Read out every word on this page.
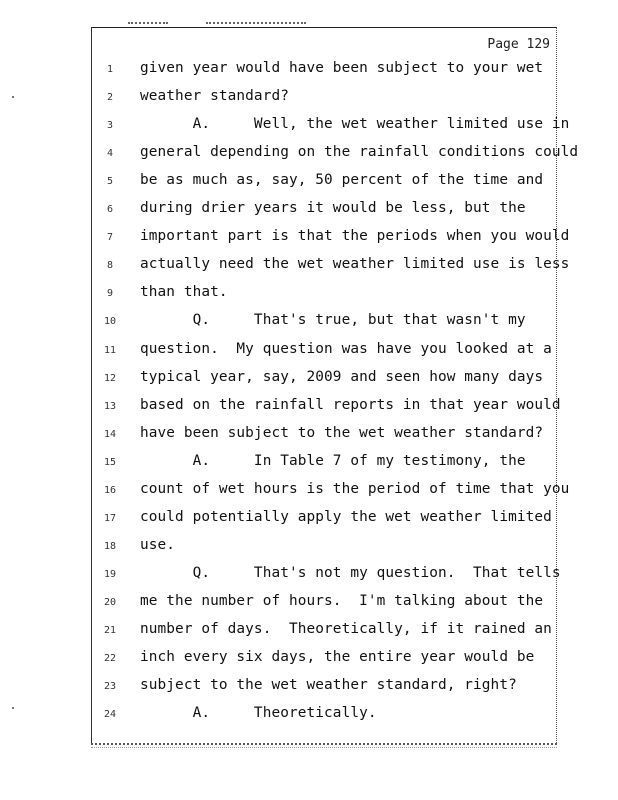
Page 129
1	given year would have been subject to your wet
2	weather standard?
3	A.     Well, the wet weather limited use in
4	general depending on the rainfall conditions could
5	be as much as, say, 50 percent of the time and
6	during drier years it would be less, but the
7	important part is that the periods when you would
8	actually need the wet weather limited use is less
9	than that.
10	Q.     That's true, but that wasn't my
11	question.  My question was have you looked at a
12	typical year, say, 2009 and seen how many days
13	based on the rainfall reports in that year would
14	have been subject to the wet weather standard?
15	A.     In Table 7 of my testimony, the
16	count of wet hours is the period of time that you
17	could potentially apply the wet weather limited
18	use.
19	Q.     That's not my question.  That tells
20	me the number of hours.  I'm talking about the
21	number of days.  Theoretically, if it rained an
22	inch every six days, the entire year would be
23	subject to the wet weather standard, right?
24	A.     Theoretically.
